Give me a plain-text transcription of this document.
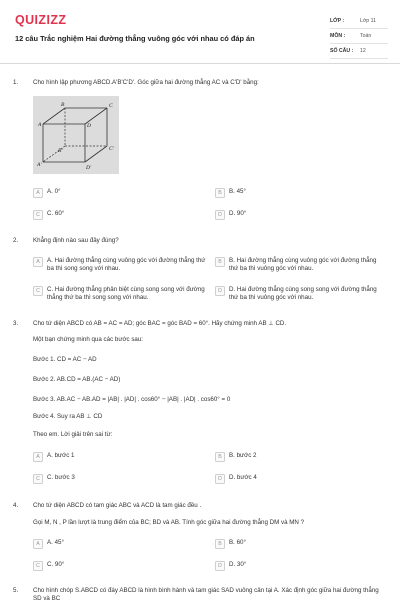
QUIZIZZ
12 câu Trắc nghiệm Hai đường thẳng vuông góc với nhau có đáp án
LỚP :	Lớp 11
MÔN :	Toán
SỐ CÂU :	12
1.	Cho hình lập phương ABCD.A'B'C'D'. Góc giữa hai đường thẳng AC và C'D' bằng:
A
B	C
D
A'
B'	C'
D'
A	A. 0°	B	B. 45°
C	C. 60°	D	D. 90°
2.	Khẳng định nào sau đây đúng?
A	A. Hai đường thẳng cùng vuông góc với đường thẳng thứ ba thì song song với nhau.
B	B. Hai đường thẳng cùng vuông góc với đường thẳng thứ ba thì vuông góc với nhau.
C	C. Hai đường thẳng phân biệt cùng song song với đường thẳng thứ ba thì song song với nhau.
D	D. Hai đường thẳng cùng song song với đường thẳng thứ ba thì vuông góc với nhau.
3.	Cho tứ diện ABCD có AB = AC = AD; góc BAC = góc BAD = 60°. Hãy chứng minh AB ⊥ CD.
Một bạn chứng minh qua các bước sau:
Bước 1. CD = AC − AD
Bước 2. AB.CD = AB.(AC − AD)
Bước 3. AB.AC − AB.AD = |AB| . |AD| . cos60° − |AB| . |AD| . cos60° = 0
Bước 4. Suy ra AB ⊥ CD
Theo em. Lời giải trên sai từ:
A	A. bước 1	B	B. bước 2
C	C. bước 3	D	D. bước 4
4.	Cho tứ diện ABCD có tam giác ABC và ACD là tam giác đều .
Gọi M, N , P lần lượt là trung điểm của BC; BD và AB. Tính góc giữa hai đường thẳng DM và MN ?
A	A. 45°	B	B. 60°
C	C. 90°	D	D. 30°
5.	Cho hình chóp S.ABCD có đáy ABCD là hình bình hành và tam giác SAD vuông cân tại A. Xác định góc giữa hai đường thẳng SD và BC
